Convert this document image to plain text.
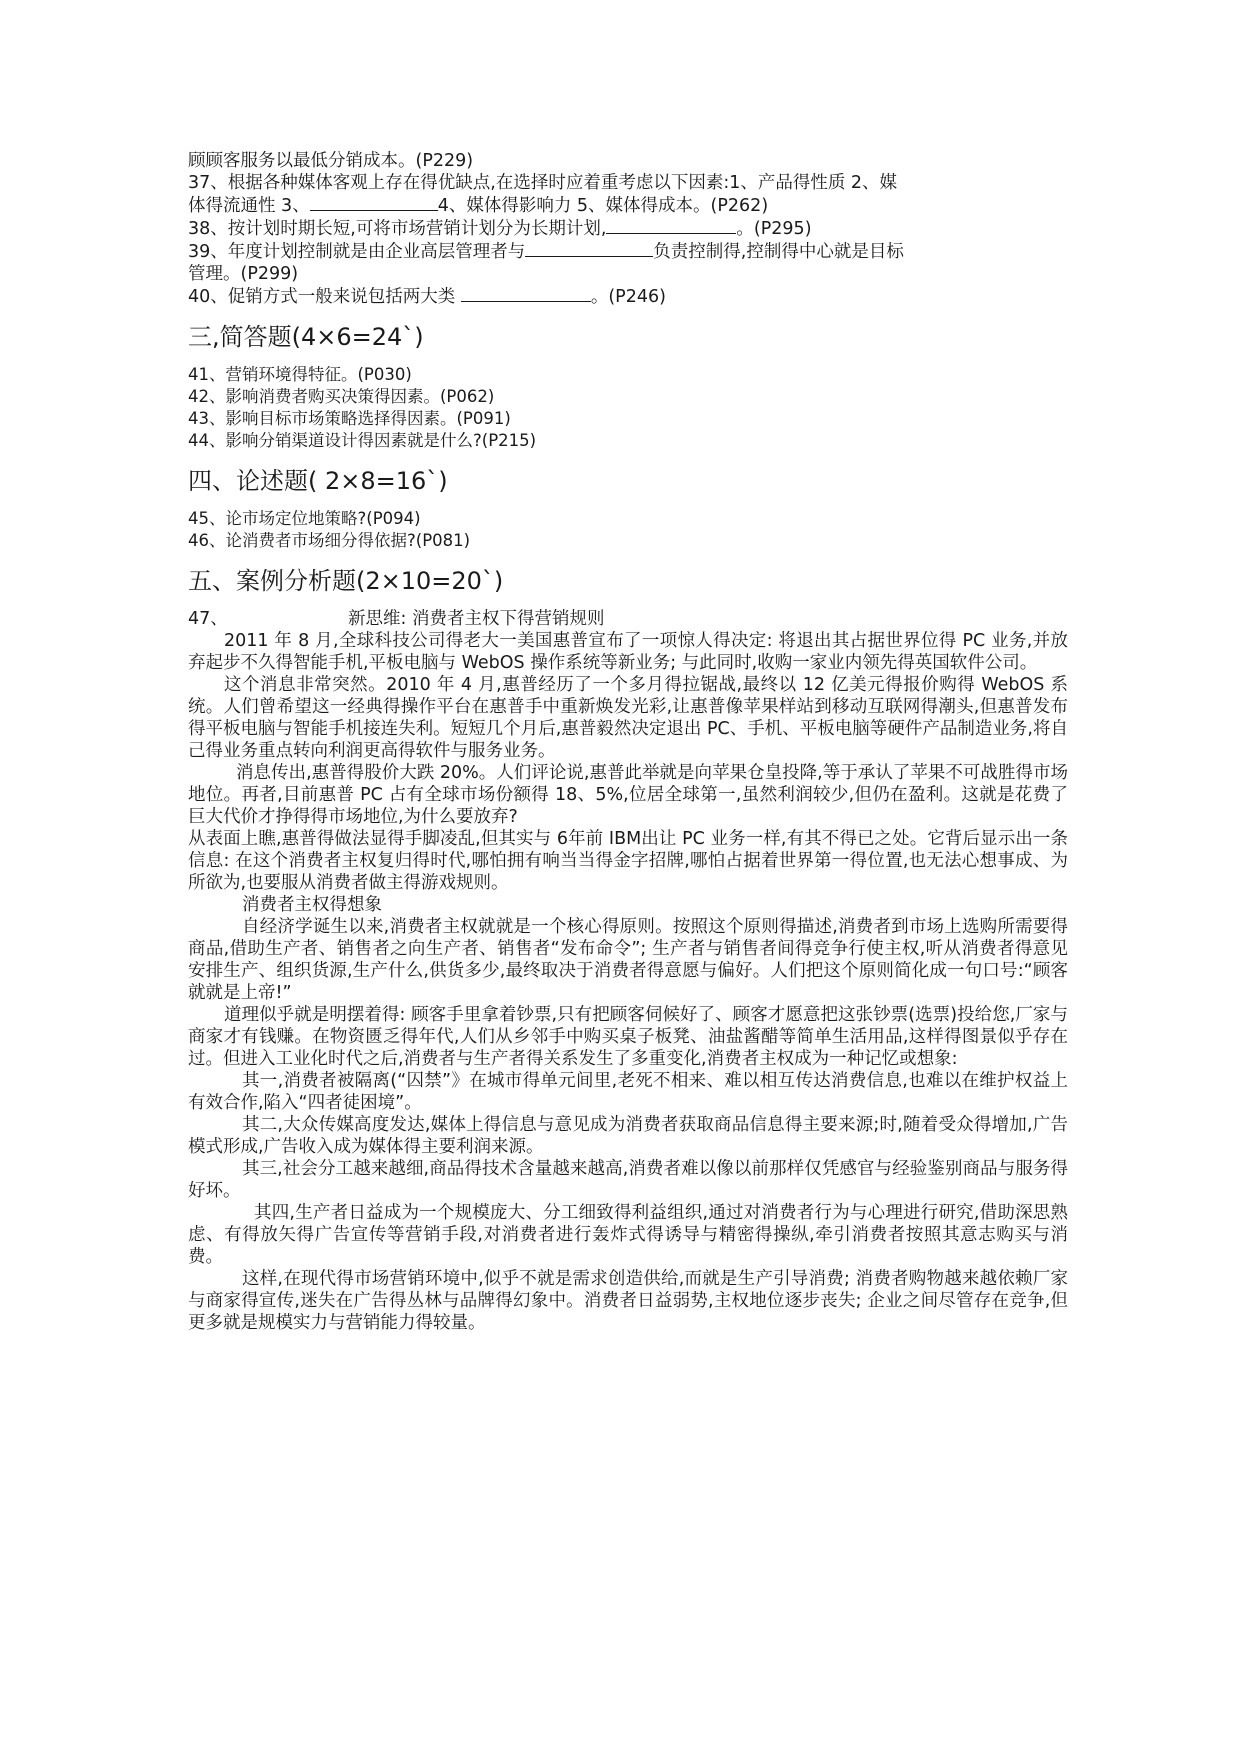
顾顾客服务以最低分销成本。(P229)
37、根据各种媒体客观上存在得优缺点,在选择时应着重考虑以下因素:1、产品得性质 2、媒
体得流通性 3、	4、媒体得影响力 5、媒体得成本。(P262)
38、按计划时期长短,可将市场营销计划分为长期计划,	。(P295)
39、年度计划控制就是由企业高层管理者与	负责控制得,控制得中心就是目标
管理。(P299)
40、促销方式一般来说包括两大类	。(P246)
三,简答题(4×6=24`)
41、营销环境得特征。(P030)
42、影响消费者购买决策得因素。(P062)
43、影响目标市场策略选择得因素。(P091)
44、影响分销渠道设计得因素就是什么?(P215)
四、论述题( 2×8=16`)
45、论市场定位地策略?(P094)
46、论消费者市场细分得依据?(P081)
五、案例分析题(2×10=20`)
47、	新思维: 消费者主权下得营销规则

2011 年 8 月,全球科技公司得老大一美国惠普宣布了一项惊人得决定: 将退出其占据世界位得 PC 业务,并放弃起步不久得智能手机,平板电脑与 WebOS 操作系统等新业务; 与此同时,收购一家业内领先得英国软件公司。

这个消息非常突然。2010 年 4 月,惠普经历了一个多月得拉锯战,最终以 12 亿美元得报价购得 WebOS 系统。人们曾希望这一经典得操作平台在惠普手中重新焕发光彩,让惠普像苹果样站到移动互联网得潮头,但惠普发布得平板电脑与智能手机接连失利。短短几个月后,惠普毅然决定退出 PC、手机、平板电脑等硬件产品制造业务,将自己得业务重点转向利润更高得软件与服务业务。

消息传出,惠普得股价大跌 20%。人们评论说,惠普此举就是向苹果仓皇投降,等于承认了苹果不可战胜得市场地位。再者,目前惠普 PC 占有全球市场份额得 18、5%,位居全球第一,虽然利润较少,但仍在盈利。这就是花费了巨大代价才挣得得市场地位,为什么要放弃?

从表面上瞧,惠普得做法显得手脚凌乱,但其实与 6年前 IBM出让 PC 业务一样,有其不得已之处。它背后显示出一条信息: 在这个消费者主权复归得时代,哪怕拥有响当当得金字招牌,哪怕占据着世界第一得位置,也无法心想事成、为所欲为,也要服从消费者做主得游戏规则。

消费者主权得想象

自经济学诞生以来,消费者主权就就是一个核心得原则。按照这个原则得描述,消费者到市场上选购所需要得商品,借助生产者、销售者之向生产者、销售者“发布命令”; 生产者与销售者间得竞争行使主权,听从消费者得意见安排生产、组织货源,生产什么,供货多少,最终取决于消费者得意愿与偏好。人们把这个原则简化成一句口号:“顾客就就是上帝!”

道理似乎就是明摆着得: 顾客手里拿着钞票,只有把顾客伺候好了、顾客才愿意把这张钞票(选票)投给您,厂家与商家才有钱赚。在物资匮乏得年代,人们从乡邻手中购买桌子板凳、油盐酱醋等简单生活用品,这样得图景似乎存在过。但进入工业化时代之后,消费者与生产者得关系发生了多重变化,消费者主权成为一种记忆或想象:

其一,消费者被隔离(“囚禁”》在城市得单元间里,老死不相来、难以相互传达消费信息,也难以在维护权益上有效合作,陷入“四者徒困境”。

其二,大众传媒高度发达,媒体上得信息与意见成为消费者获取商品信息得主要来源;时,随着受众得增加,广告模式形成,广告收入成为媒体得主要利润来源。

其三,社会分工越来越细,商品得技术含量越来越高,消费者难以像以前那样仅凭感官与经验鉴别商品与服务得好坏。

其四,生产者日益成为一个规模庞大、分工细致得利益组织,通过对消费者行为与心理进行研究,借助深思熟虑、有得放矢得广告宣传等营销手段,对消费者进行轰炸式得诱导与精密得操纵,牵引消费者按照其意志购买与消费。

这样,在现代得市场营销环境中,似乎不就是需求创造供给,而就是生产引导消费; 消费者购物越来越依赖厂家与商家得宣传,迷失在广告得丛林与品牌得幻象中。消费者日益弱势,主权地位逐步丧失; 企业之间尽管存在竞争,但更多就是规模实力与营销能力得较量。
